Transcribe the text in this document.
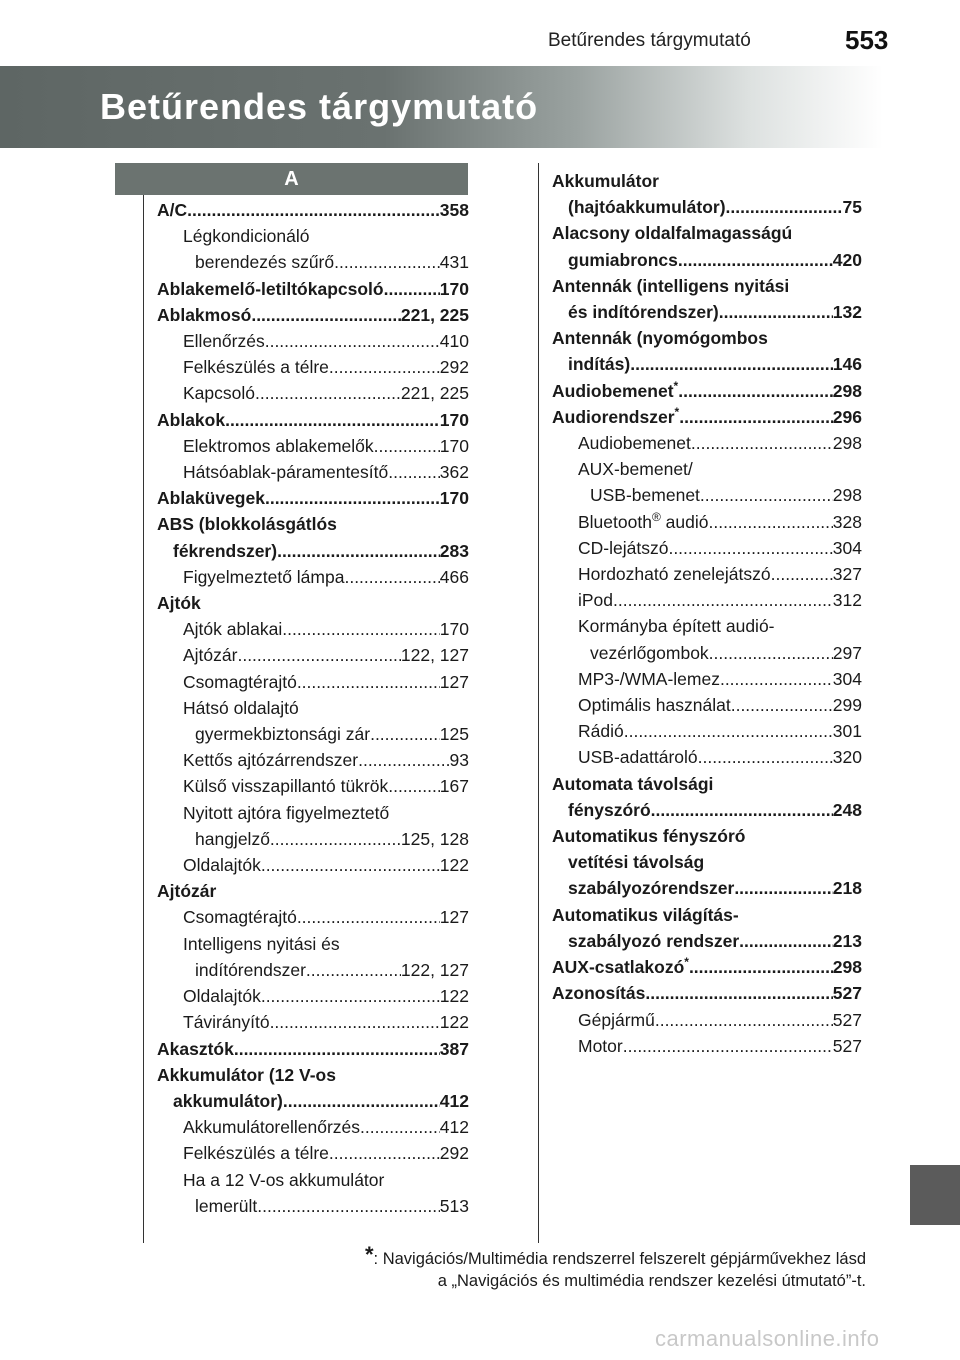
Betűrendes tárgymutató	553
Betűrendes tárgymutató
A
A/C .....	358
Légkondicionáló
berendezés szűrő .....	431
Ablakemelő-letiltókapcsoló .....	170
Ablakmosó .....	221, 225
Ellenőrzés .....	410
Felkészülés a télre .....	292
Kapcsoló .....	221, 225
Ablakok .....	170
Elektromos ablakemelők .....	170
Hátsóablak-páramentesítő .....	362
Ablaküvegek .....	170
ABS (blokkolásgátlós
fékrendszer) .....	283
Figyelmeztető lámpa .....	466
Ajtók
Ajtók ablakai .....	170
Ajtózár .....	122, 127
Csomagtérajtó .....	127
Hátsó oldalajtó
gyermekbiztonsági zár .....	125
Kettős ajtózárrendszer .....	93
Külső visszapillantó tükrök .....	167
Nyitott ajtóra figyelmeztető
hangjelző .....	125, 128
Oldalajtók .....	122
Ajtózár
Csomagtérajtó .....	127
Intelligens nyitási és
indítórendszer .....	122, 127
Oldalajtók .....	122
Távirányító .....	122
Akasztók .....	387
Akkumulátor (12 V-os
akkumulátor) .....	412
Akkumulátorellenőrzés .....	412
Felkészülés a télre .....	292
Ha a 12 V-os akkumulátor
lemerült .....	513
Akkumulátor
(hajtóakkumulátor) .....	75
Alacsony oldalfalmagasságú
gumiabroncs .....	420
Antennák (intelligens nyitási
és indítórendszer) .....	132
Antennák (nyomógombos
indítás) .....	146
Audiobemenet* .....	298
Audiorendszer* .....	296
Audiobemenet .....	298
AUX-bemenet/
USB-bemenet .....	298
Bluetooth® audió .....	328
CD-lejátszó .....	304
Hordozható zenelejátszó .....	327
iPod .....	312
Kormányba épített audió-
vezérlőgombok .....	297
MP3-/WMA-lemez .....	304
Optimális használat .....	299
Rádió .....	301
USB-adattároló .....	320
Automata távolsági
fényszóró .....	248
Automatikus fényszóró
vetítési távolság
szabályozórendszer .....	218
Automatikus világítás-
szabályozó rendszer .....	213
AUX-csatlakozó* .....	298
Azonosítás .....	527
Gépjármű .....	527
Motor .....	527
*: Navigációs/Multimédia rendszerrel felszerelt gépjárművekhez lásd
a „Navigációs és multimédia rendszer kezelési útmutató”-t.
carmanualsonline.info
